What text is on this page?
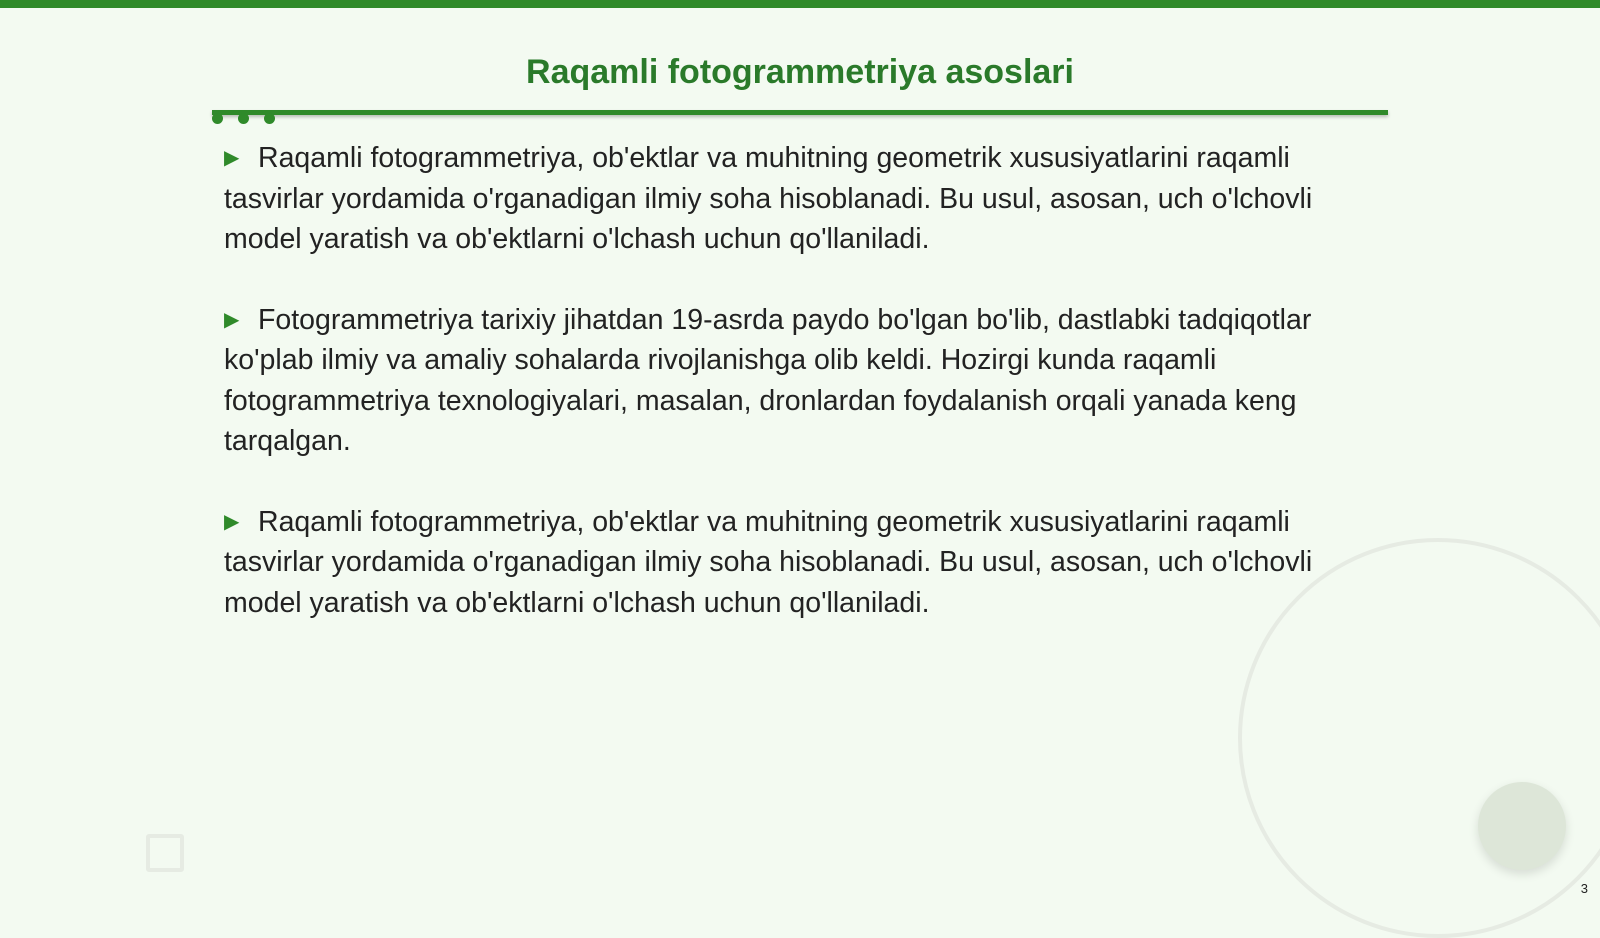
Raqamli fotogrammetriya asoslari

▶ Raqamli fotogrammetriya, ob'ektlar va muhitning geometrik xususiyatlarini raqamli tasvirlar yordamida o'rganadigan ilmiy soha hisoblanadi. Bu usul, asosan, uch o'lchovli model yaratish va ob'ektlarni o'lchash uchun qo'llaniladi.

▶ Fotogrammetriya tarixiy jihatdan 19-asrda paydo bo'lgan bo'lib, dastlabki tadqiqotlar ko'plab ilmiy va amaliy sohalarda rivojlanishga olib keldi. Hozirgi kunda raqamli fotogrammetriya texnologiyalari, masalan, dronlardan foydalanish orqali yanada keng tarqalgan.

▶ Raqamli fotogrammetriya, ob'ektlar va muhitning geometrik xususiyatlarini raqamli tasvirlar yordamida o'rganadigan ilmiy soha hisoblanadi. Bu usul, asosan, uch o'lchovli model yaratish va ob'ektlarni o'lchash uchun qo'llaniladi.

3
